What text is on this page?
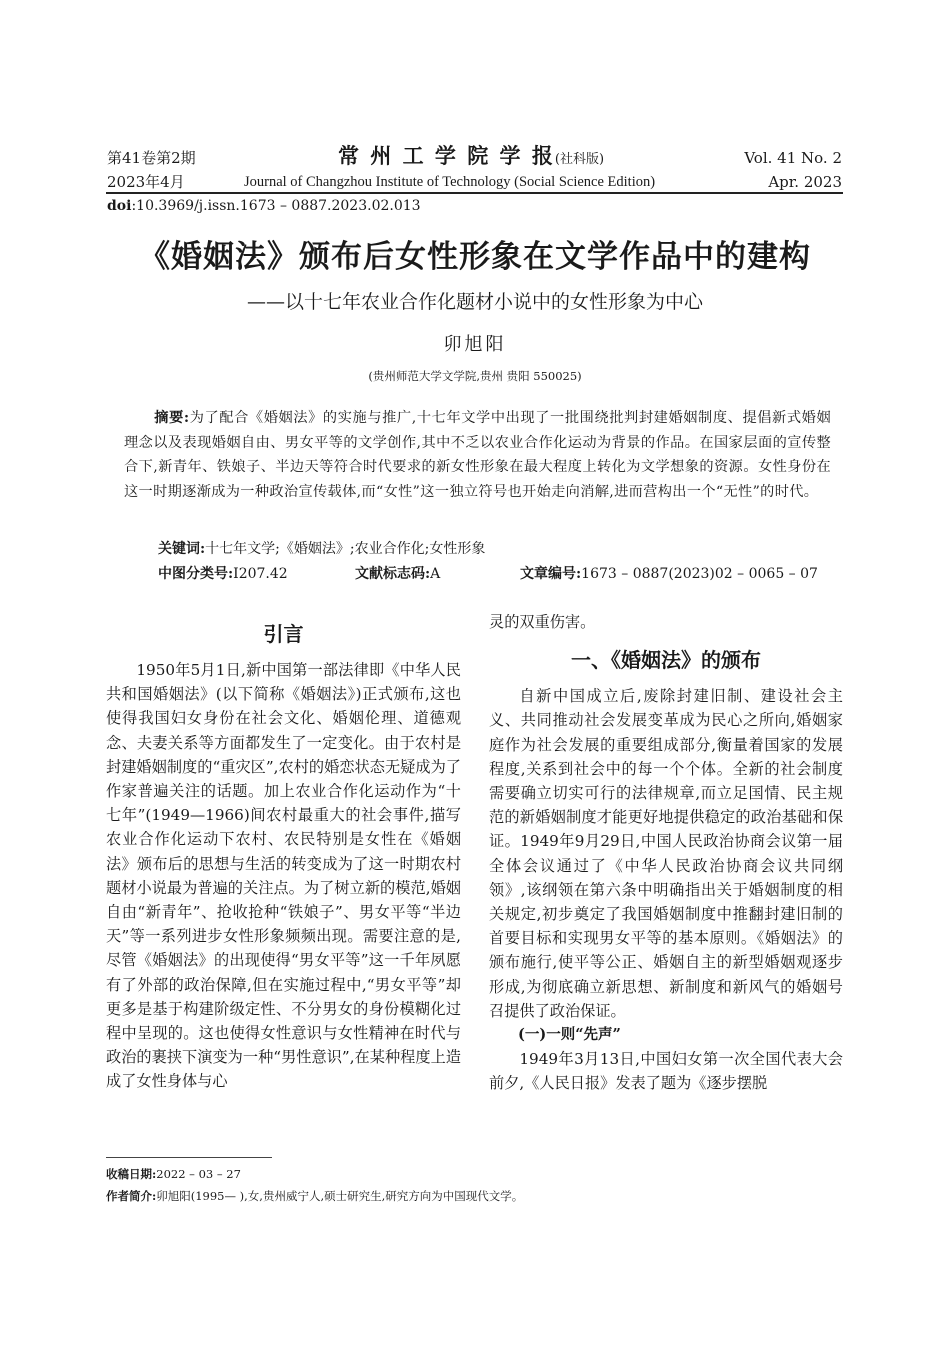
第41卷第2期	常 州 工 学 院 学 报(社科版)	Vol. 41 No. 2
2023年4月	Journal of Changzhou Institute of Technology (Social Science Edition)	Apr. 2023
doi:10.3969/j.issn.1673 – 0887.2023.02.013
《婚姻法》颁布后女性形象在文学作品中的建构
——以十七年农业合作化题材小说中的女性形象为中心
卯旭阳
(贵州师范大学文学院,贵州 贵阳 550025)
摘要:为了配合《婚姻法》的实施与推广,十七年文学中出现了一批围绕批判封建婚姻制度、提倡新式婚姻理念以及表现婚姻自由、男女平等的文学创作,其中不乏以农业合作化运动为背景的作品。在国家层面的宣传整合下,新青年、铁娘子、半边天等符合时代要求的新女性形象在最大程度上转化为文学想象的资源。女性身份在这一时期逐渐成为一种政治宣传载体,而“女性”这一独立符号也开始走向消解,进而营构出一个“无性”的时代。
关键词:十七年文学;《婚姻法》;农业合作化;女性形象
中图分类号:I207.42	文献标志码:A	文章编号:1673 – 0887(2023)02 – 0065 – 07
引言

1950年5月1日,新中国第一部法律即《中华人民共和国婚姻法》(以下简称《婚姻法》)正式颁布,这也使得我国妇女身份在社会文化、婚姻伦理、道德观念、夫妻关系等方面都发生了一定变化。由于农村是封建婚姻制度的“重灾区”,农村的婚恋状态无疑成为了作家普遍关注的话题。加上农业合作化运动作为“十七年”(1949—1966)间农村最重大的社会事件,描写农业合作化运动下农村、农民特别是女性在《婚姻法》颁布后的思想与生活的转变成为了这一时期农村题材小说最为普遍的关注点。为了树立新的模范,婚姻自由“新青年”、抢收抢种“铁娘子”、男女平等“半边天”等一系列进步女性形象频频出现。需要注意的是,尽管《婚姻法》的出现使得“男女平等”这一千年夙愿有了外部的政治保障,但在实施过程中,“男女平等”却更多是基于构建阶级定性、不分男女的身份模糊化过程中呈现的。这也使得女性意识与女性精神在时代与政治的裹挟下演变为一种“男性意识”,在某种程度上造成了女性身体与心

灵的双重伤害。

一、《婚姻法》的颁布

自新中国成立后,废除封建旧制、建设社会主义、共同推动社会发展变革成为民心之所向,婚姻家庭作为社会发展的重要组成部分,衡量着国家的发展程度,关系到社会中的每一个个体。全新的社会制度需要确立切实可行的法律规章,而立足国情、民主规范的新婚姻制度才能更好地提供稳定的政治基础和保证。1949年9月29日,中国人民政治协商会议第一届全体会议通过了《中华人民政治协商会议共同纲领》,该纲领在第六条中明确指出关于婚姻制度的相关规定,初步奠定了我国婚姻制度中推翻封建旧制的首要目标和实现男女平等的基本原则。《婚姻法》的颁布施行,使平等公正、婚姻自主的新型婚姻观逐步形成,为彻底确立新思想、新制度和新风气的婚姻号召提供了政治保证。

(一)一则“先声”

1949年3月13日,中国妇女第一次全国代表大会前夕,《人民日报》发表了题为《逐步摆脱

收稿日期:2022 – 03 – 27
作者简介:卯旭阳(1995— ),女,贵州威宁人,硕士研究生,研究方向为中国现代文学。
